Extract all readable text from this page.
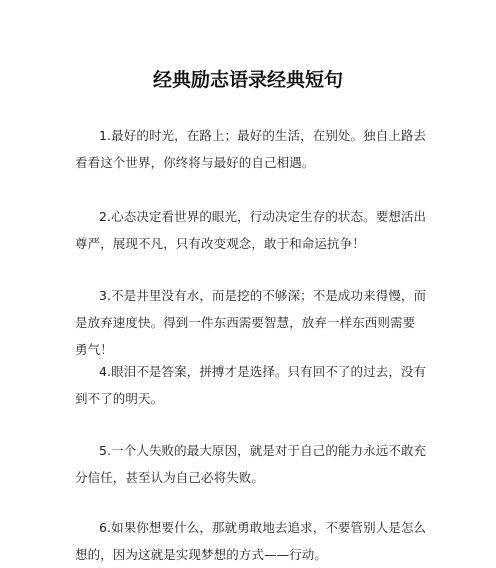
经典励志语录经典短句

1.最好的时光，在路上；最好的生活，在别处。独自上路去看看这个世界，你终将与最好的自己相遇。

2.心态决定看世界的眼光，行动决定生存的状态。要想活出尊严，展现不凡，只有改变观念，敢于和命运抗争！

3.不是井里没有水，而是挖的不够深；不是成功来得慢，而是放弃速度快。得到一件东西需要智慧，放弃一样东西则需要勇气！

4.眼泪不是答案，拼搏才是选择。只有回不了的过去，没有到不了的明天。

5.一个人失败的最大原因，就是对于自己的能力永远不敢充分信任，甚至认为自己必将失败。

6.如果你想要什么，那就勇敢地去追求，不要管别人是怎么想的，因为这就是实现梦想的方式——行动。
